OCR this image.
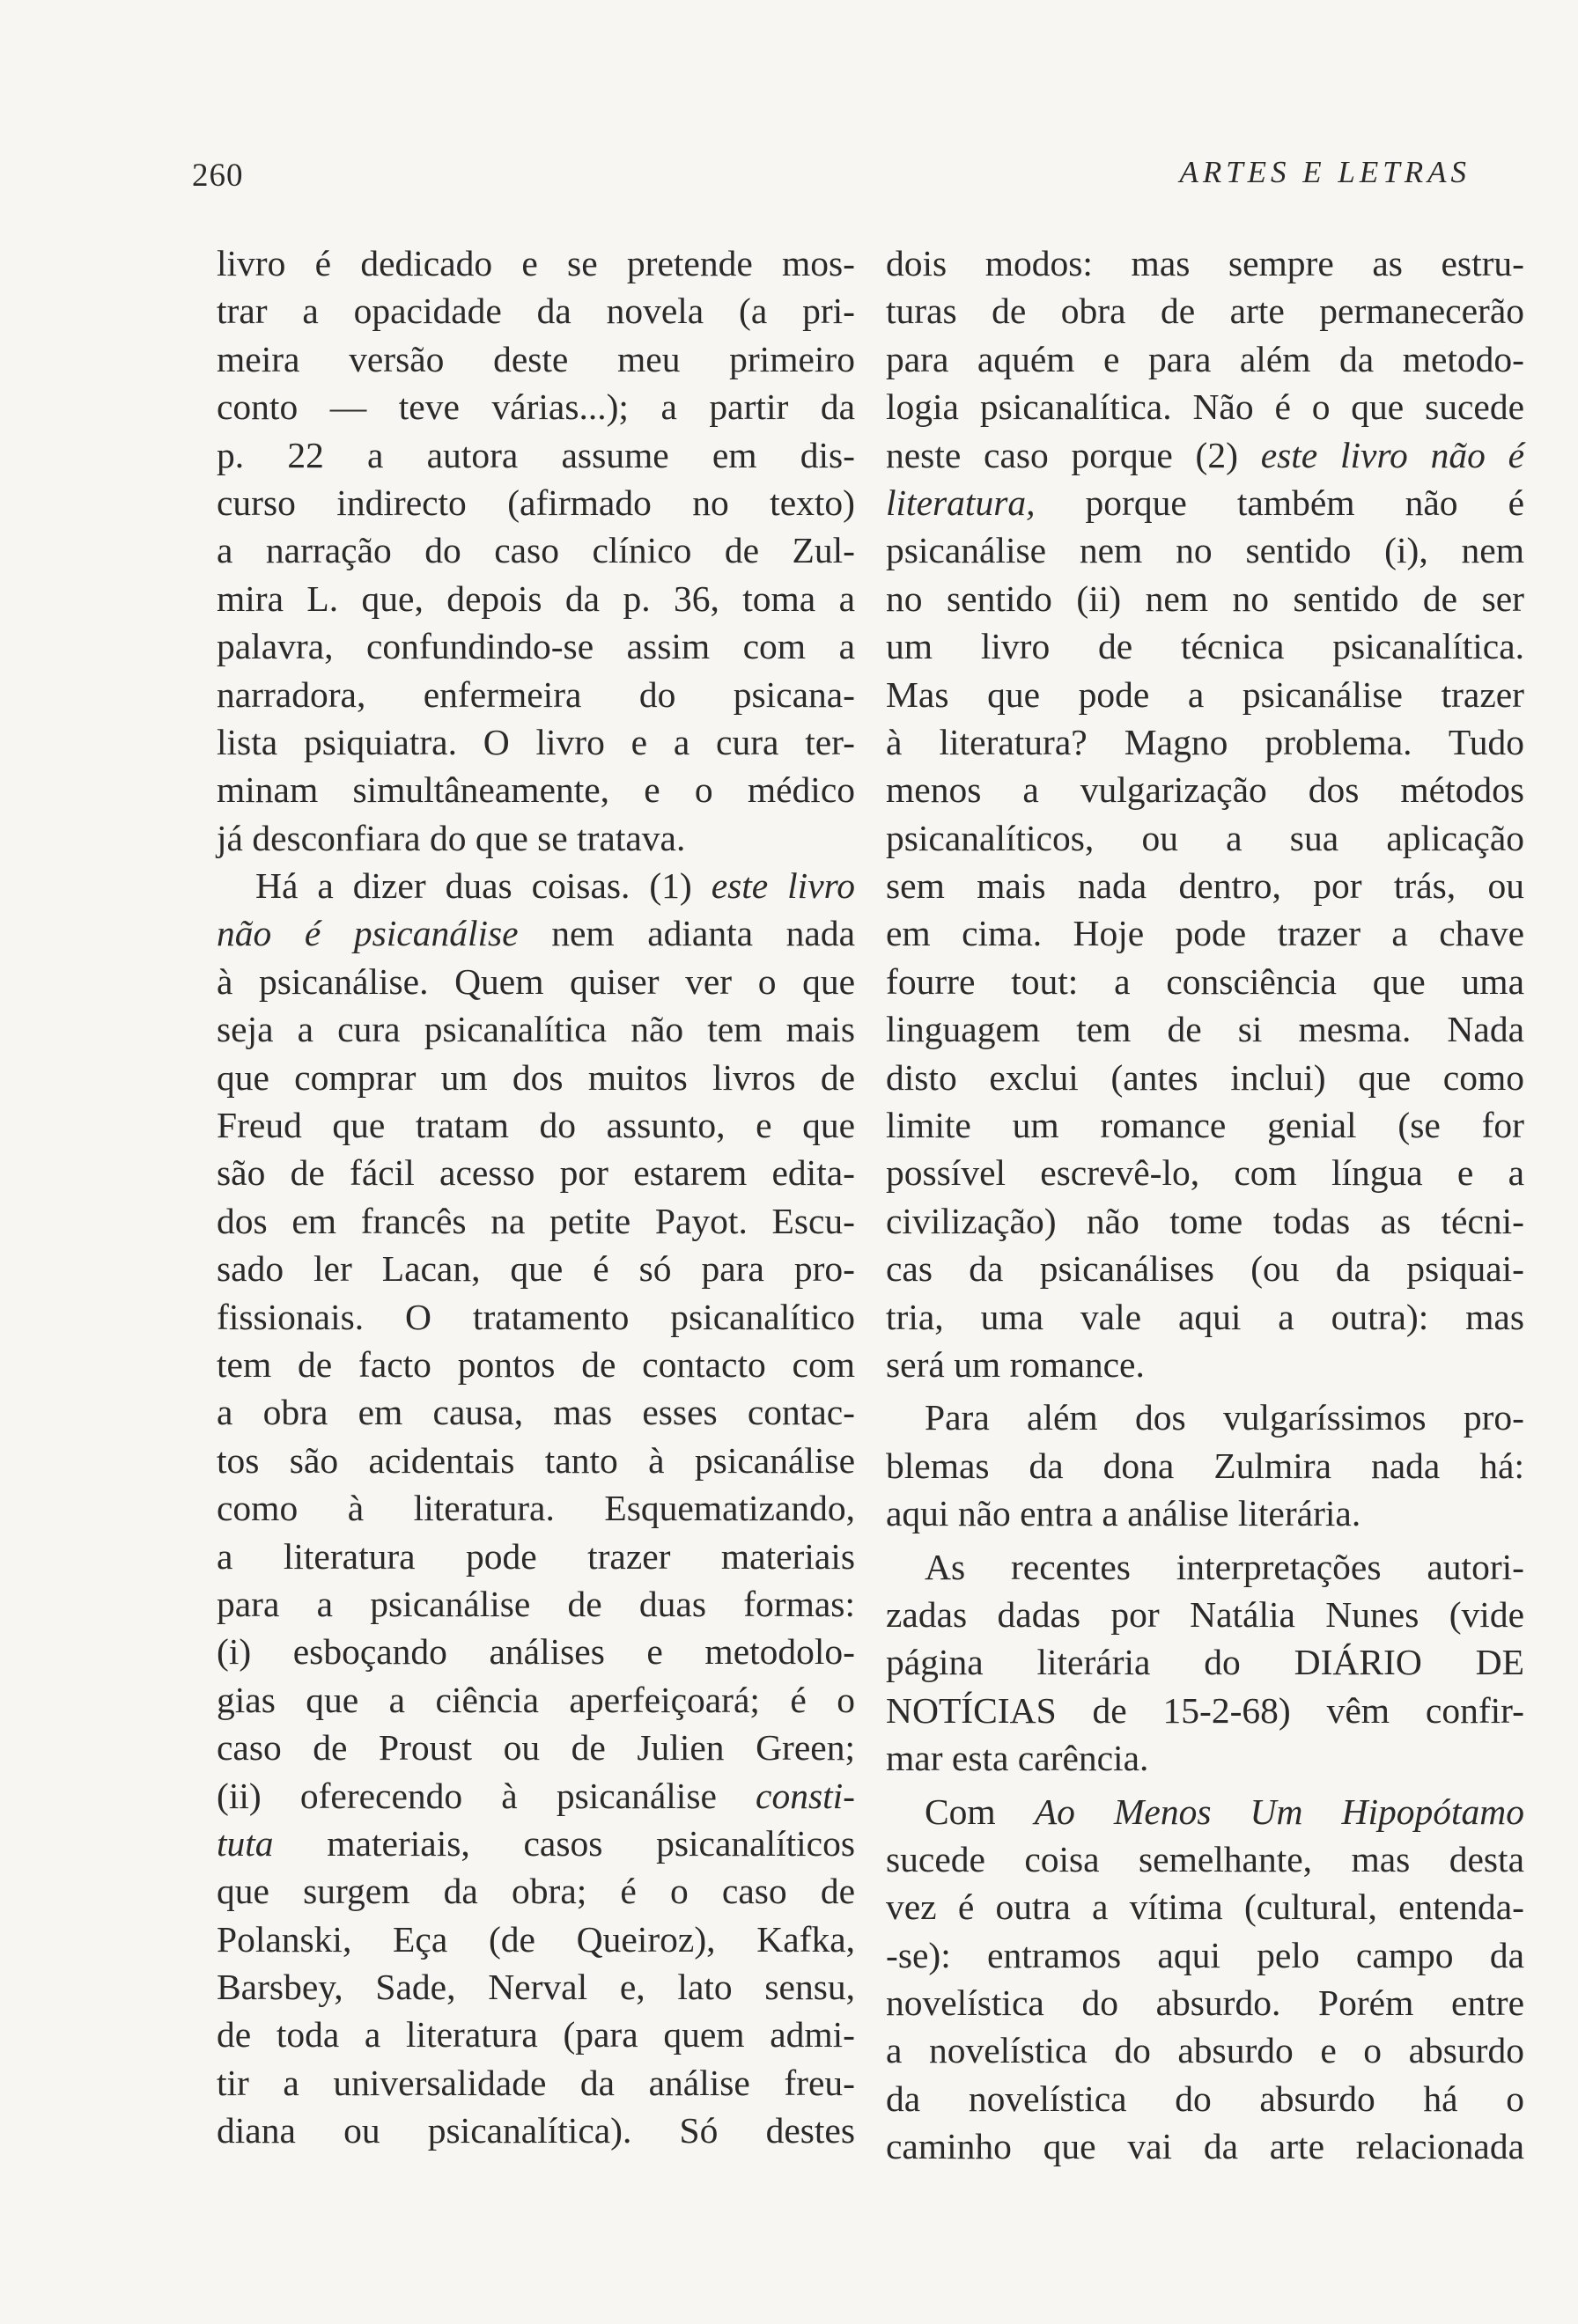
260	ARTES E LETRAS
livro é dedicado e se pretende mos-
trar a opacidade da novela (a pri-
meira versão deste meu primeiro
conto — teve várias...); a partir da
p. 22 a autora assume em dis-
curso indirecto (afirmado no texto)
a narração do caso clínico de Zul-
mira L. que, depois da p. 36, toma a
palavra, confundindo-se assim com a
narradora, enfermeira do psicana-
lista psiquiatra. O livro e a cura ter-
minam simultâneamente, e o médico
já desconfiara do que se tratava.
Há a dizer duas coisas. (1) este livro
não é psicanálise nem adianta nada
à psicanálise. Quem quiser ver o que
seja a cura psicanalítica não tem mais
que comprar um dos muitos livros de
Freud que tratam do assunto, e que
são de fácil acesso por estarem edita-
dos em francês na petite Payot. Escu-
sado ler Lacan, que é só para pro-
fissionais. O tratamento psicanalítico
tem de facto pontos de contacto com
a obra em causa, mas esses contac-
tos são acidentais tanto à psicanálise
como à literatura. Esquematizando,
a literatura pode trazer materiais
para a psicanálise de duas formas:
(i) esboçando análises e metodolo-
gias que a ciência aperfeiçoará; é o
caso de Proust ou de Julien Green;
(ii) oferecendo à psicanálise consti-
tuta materiais, casos psicanalíticos
que surgem da obra; é o caso de
Polanski, Eça (de Queiroz), Kafka,
Barsbey, Sade, Nerval e, lato sensu,
de toda a literatura (para quem admi-
tir a universalidade da análise freu-
diana ou psicanalítica). Só destes
dois modos: mas sempre as estru-
turas de obra de arte permanecerão
para aquém e para além da metodo-
logia psicanalítica. Não é o que sucede
neste caso porque (2) este livro não é
literatura, porque também não é
psicanálise nem no sentido (i), nem
no sentido (ii) nem no sentido de ser
um livro de técnica psicanalítica.
Mas que pode a psicanálise trazer
à literatura? Magno problema. Tudo
menos a vulgarização dos métodos
psicanalíticos, ou a sua aplicação
sem mais nada dentro, por trás, ou
em cima. Hoje pode trazer a chave
fourre tout: a consciência que uma
linguagem tem de si mesma. Nada
disto exclui (antes inclui) que como
limite um romance genial (se for
possível escrevê-lo, com língua e a
civilização) não tome todas as técni-
cas da psicanálises (ou da psiquai-
tria, uma vale aqui a outra): mas
será um romance.
Para além dos vulgaríssimos pro-
blemas da dona Zulmira nada há:
aqui não entra a análise literária.
As recentes interpretações autori-
zadas dadas por Natália Nunes (vide
página literária do DIÁRIO DE
NOTÍCIAS de 15-2-68) vêm confir-
mar esta carência.
Com Ao Menos Um Hipopótamo
sucede coisa semelhante, mas desta
vez é outra a vítima (cultural, entenda-
-se): entramos aqui pelo campo da
novelística do absurdo. Porém entre
a novelística do absurdo e o absurdo
da novelística do absurdo há o
caminho que vai da arte relacionada
